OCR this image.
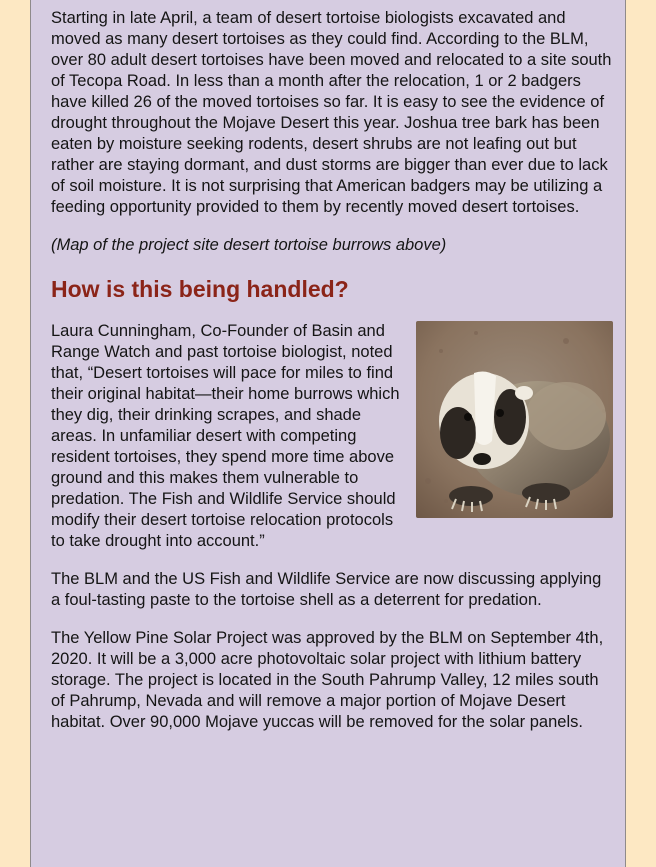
Starting in late April, a team of desert tortoise biologists excavated and moved as many desert tortoises as they could find. According to the BLM, over 80 adult desert tortoises have been moved and relocated to a site south of Tecopa Road. In less than a month after the relocation, 1 or 2 badgers have killed 26 of the moved tortoises so far. It is easy to see the evidence of drought throughout the Mojave Desert this year. Joshua tree bark has been eaten by moisture seeking rodents, desert shrubs are not leafing out but rather are staying dormant, and dust storms are bigger than ever due to lack of soil moisture. It is not surprising that American badgers may be utilizing a feeding opportunity provided to them by recently moved desert tortoises.

(Map of the project site desert tortoise burrows above)

How is this being handled?

Laura Cunningham, Co-Founder of Basin and Range Watch and past tortoise biologist, noted that, “Desert tortoises will pace for miles to find their original habitat—their home burrows which they dig, their drinking scrapes, and shade areas. In unfamiliar desert with competing resident tortoises, they spend more time above ground and this makes them vulnerable to predation. The Fish and Wildlife Service should modify their desert tortoise relocation protocols to take drought into account.”

The BLM and the US Fish and Wildlife Service are now discussing applying a foul-tasting paste to the tortoise shell as a deterrent for predation.

The Yellow Pine Solar Project was approved by the BLM on September 4th, 2020. It will be a 3,000 acre photovoltaic solar project with lithium battery storage. The project is located in the South Pahrump Valley, 12 miles south of Pahrump, Nevada and will remove a major portion of Mojave Desert habitat. Over 90,000 Mojave yuccas will be removed for the solar panels.
